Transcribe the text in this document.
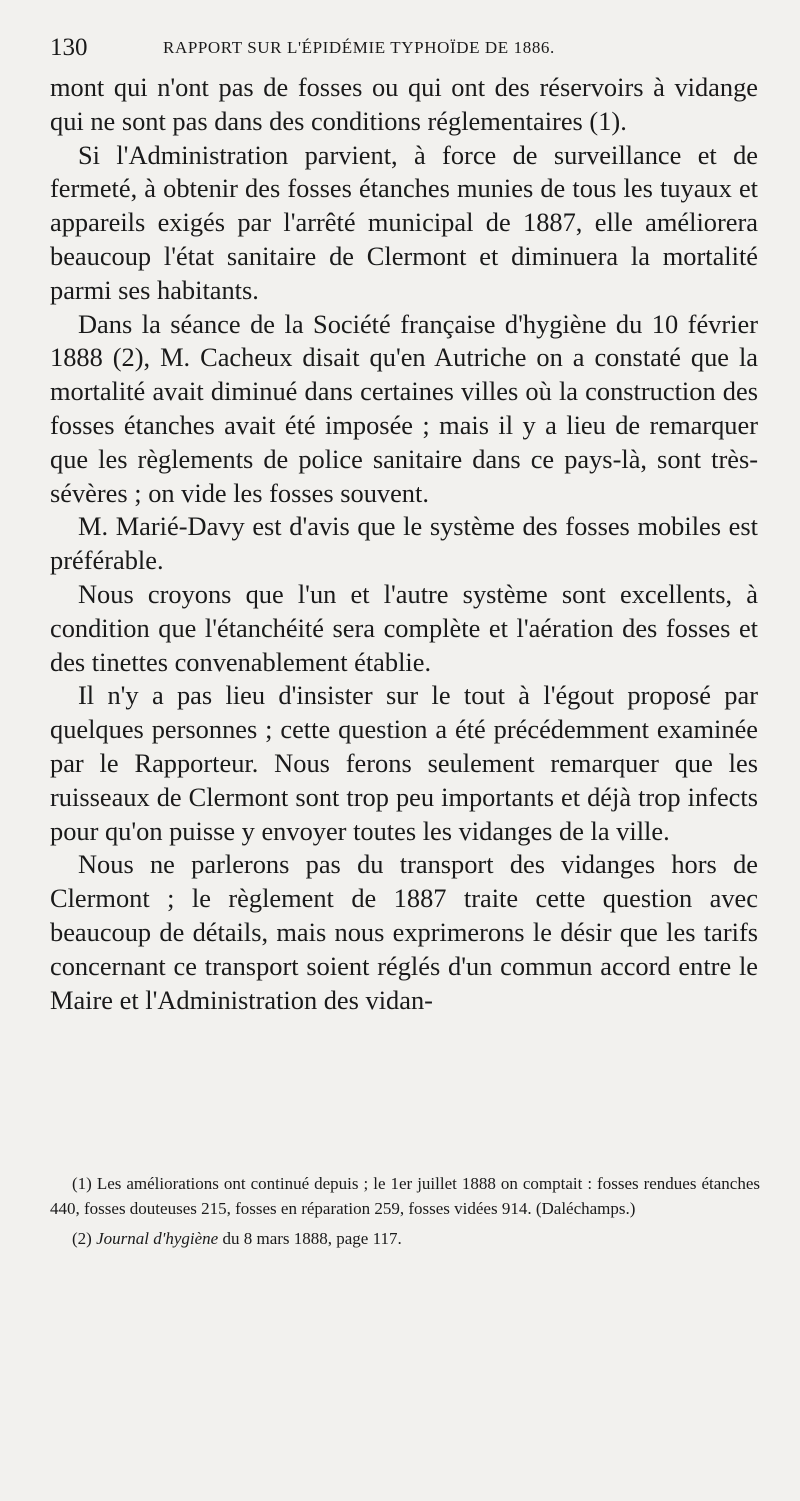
130	RAPPORT SUR L'ÉPIDÉMIE TYPHOÏDE DE 1886.

mont qui n'ont pas de fosses ou qui ont des réservoirs à vidange qui ne sont pas dans des conditions réglementaires (1).

Si l'Administration parvient, à force de surveillance et de fermeté, à obtenir des fosses étanches munies de tous les tuyaux et appareils exigés par l'arrêté municipal de 1887, elle améliorera beaucoup l'état sanitaire de Clermont et diminuera la mortalité parmi ses habitants.

Dans la séance de la Société française d'hygiène du 10 février 1888 (2), M. Cacheux disait qu'en Autriche on a constaté que la mortalité avait diminué dans certaines villes où la construction des fosses étanches avait été imposée ; mais il y a lieu de remarquer que les règlements de police sanitaire dans ce pays-là, sont très-sévères ; on vide les fosses souvent.

M. Marié-Davy est d'avis que le système des fosses mobiles est préférable.

Nous croyons que l'un et l'autre système sont excellents, à condition que l'étanchéité sera complète et l'aération des fosses et des tinettes convenablement établie.

Il n'y a pas lieu d'insister sur le tout à l'égout proposé par quelques personnes ; cette question a été précédemment examinée par le Rapporteur. Nous ferons seulement remarquer que les ruisseaux de Clermont sont trop peu importants et déjà trop infects pour qu'on puisse y envoyer toutes les vidanges de la ville.

Nous ne parlerons pas du transport des vidanges hors de Clermont ; le règlement de 1887 traite cette question avec beaucoup de détails, mais nous exprimerons le désir que les tarifs concernant ce transport soient réglés d'un commun accord entre le Maire et l'Administration des vidan-

(1) Les améliorations ont continué depuis ; le 1er juillet 1888 on comptait : fosses rendues étanches 440, fosses douteuses 215, fosses en réparation 259, fosses vidées 914. (Daléchamps.)

(2) Journal d'hygiène du 8 mars 1888, page 117.
